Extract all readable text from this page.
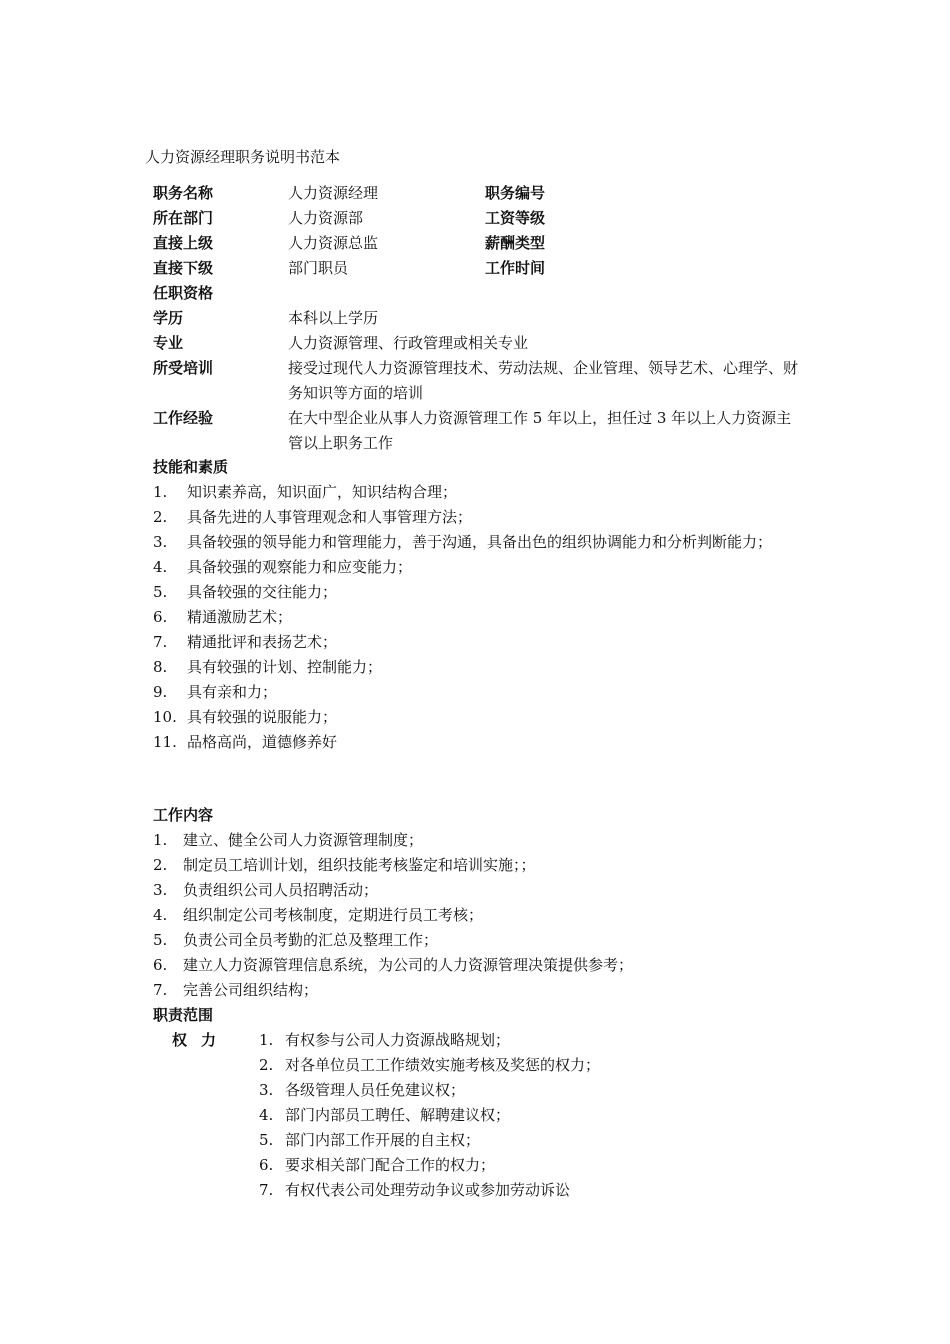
人力资源经理职务说明书范本
职务名称	人力资源经理	职务编号
所在部门	人力资源部	工资等级
直接上级	人力资源总监	薪酬类型
直接下级	部门职员	工作时间
任职资格
学历	本科以上学历
专业	人力资源管理、行政管理或相关专业
所受培训	接受过现代人力资源管理技术、劳动法规、企业管理、领导艺术、心理学、财务知识等方面的培训
工作经验	在大中型企业从事人力资源管理工作 5 年以上，担任过 3 年以上人力资源主管以上职务工作
技能和素质
1. 知识素养高，知识面广，知识结构合理；
2. 具备先进的人事管理观念和人事管理方法；
3. 具备较强的领导能力和管理能力，善于沟通，具备出色的组织协调能力和分析判断能力；
4. 具备较强的观察能力和应变能力；
5. 具备较强的交往能力；
6. 精通激励艺术；
7. 精通批评和表扬艺术；
8. 具有较强的计划、控制能力；
9. 具有亲和力；
10. 具有较强的说服能力；
11. 品格高尚，道德修养好
工作内容
1. 建立、健全公司人力资源管理制度；
2. 制定员工培训计划，组织技能考核鉴定和培训实施；；
3. 负责组织公司人员招聘活动；
4. 组织制定公司考核制度，定期进行员工考核；
5. 负责公司全员考勤的汇总及整理工作；
6. 建立人力资源管理信息系统，为公司的人力资源管理决策提供参考；
7. 完善公司组织结构；
职责范围
权力 1. 有权参与公司人力资源战略规划；
2. 对各单位员工工作绩效实施考核及奖惩的权力；
3. 各级管理人员任免建议权；
4. 部门内部员工聘任、解聘建议权；
5. 部门内部工作开展的自主权；
6. 要求相关部门配合工作的权力；
7. 有权代表公司处理劳动争议或参加劳动诉讼
